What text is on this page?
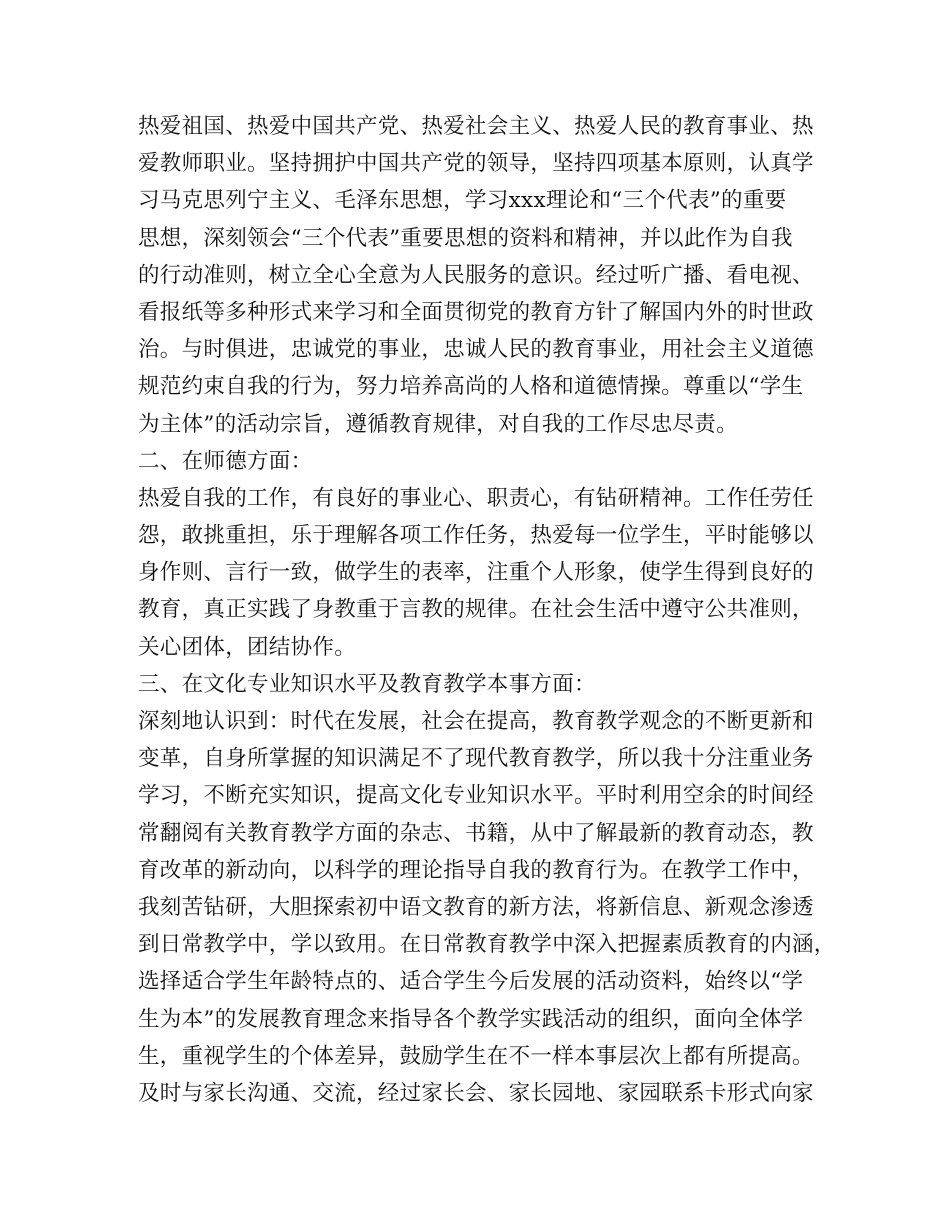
热爱祖国、热爱中国共产党、热爱社会主义、热爱人民的教育事业、热
爱教师职业。坚持拥护中国共产党的领导，坚持四项基本原则，认真学
习马克思列宁主义、毛泽东思想，学习xxx理论和“三个代表”的重要
思想，深刻领会“三个代表”重要思想的资料和精神，并以此作为自我
的行动准则，树立全心全意为人民服务的意识。经过听广播、看电视、
看报纸等多种形式来学习和全面贯彻党的教育方针了解国内外的时世政
治。与时俱进，忠诚党的事业，忠诚人民的教育事业，用社会主义道德
规范约束自我的行为，努力培养高尚的人格和道德情操。尊重以“学生
为主体”的活动宗旨，遵循教育规律，对自我的工作尽忠尽责。
二、在师德方面：
热爱自我的工作，有良好的事业心、职责心，有钻研精神。工作任劳任
怨，敢挑重担，乐于理解各项工作任务，热爱每一位学生，平时能够以
身作则、言行一致，做学生的表率，注重个人形象，使学生得到良好的
教育，真正实践了身教重于言教的规律。在社会生活中遵守公共准则，
关心团体，团结协作。
三、在文化专业知识水平及教育教学本事方面：
深刻地认识到：时代在发展，社会在提高，教育教学观念的不断更新和
变革，自身所掌握的知识满足不了现代教育教学，所以我十分注重业务
学习，不断充实知识，提高文化专业知识水平。平时利用空余的时间经
常翻阅有关教育教学方面的杂志、书籍，从中了解最新的教育动态，教
育改革的新动向，以科学的理论指导自我的教育行为。在教学工作中，
我刻苦钻研，大胆探索初中语文教育的新方法，将新信息、新观念渗透
到日常教学中，学以致用。在日常教育教学中深入把握素质教育的内涵，
选择适合学生年龄特点的、适合学生今后发展的活动资料，始终以“学
生为本”的发展教育理念来指导各个教学实践活动的组织，面向全体学
生，重视学生的个体差异，鼓励学生在不一样本事层次上都有所提高。
及时与家长沟通、交流，经过家长会、家长园地、家园联系卡形式向家
